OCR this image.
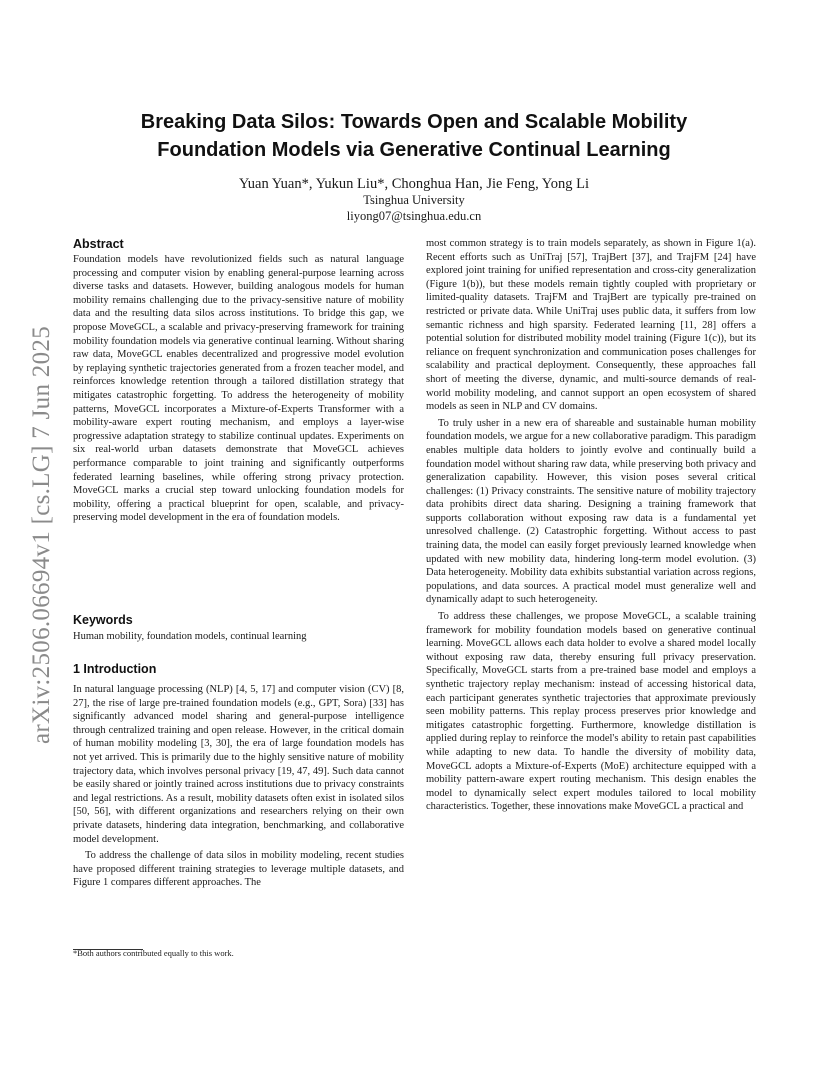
arXiv:2506.06694v1 [cs.LG] 7 Jun 2025
Breaking Data Silos: Towards Open and Scalable Mobility
Foundation Models via Generative Continual Learning
Yuan Yuan*, Yukun Liu*, Chonghua Han, Jie Feng, Yong Li
Tsinghua University
liyong07@tsinghua.edu.cn
Abstract

Foundation models have revolutionized fields such as natural language processing and computer vision by enabling general-purpose learning across diverse tasks and datasets. However, building analogous models for human mobility remains challenging due to the privacy-sensitive nature of mobility data and the resulting data silos across institutions. To bridge this gap, we propose MoveGCL, a scalable and privacy-preserving framework for training mobility foundation models via generative continual learning. Without sharing raw data, MoveGCL enables decentralized and progressive model evolution by replaying synthetic trajectories generated from a frozen teacher model, and reinforces knowledge retention through a tailored distillation strategy that mitigates catastrophic forgetting. To address the heterogeneity of mobility patterns, MoveGCL incorporates a Mixture-of-Experts Transformer with a mobility-aware expert routing mechanism, and employs a layer-wise progressive adaptation strategy to stabilize continual updates. Experiments on six real-world urban datasets demonstrate that MoveGCL achieves performance comparable to joint training and significantly outperforms federated learning baselines, while offering strong privacy protection. MoveGCL marks a crucial step toward unlocking foundation models for mobility, offering a practical blueprint for open, scalable, and privacy-preserving model development in the era of foundation models.

Keywords

Human mobility, foundation models, continual learning

1 Introduction

In natural language processing (NLP) [4, 5, 17] and computer vision (CV) [8, 27], the rise of large pre-trained foundation models (e.g., GPT, Sora) [33] has significantly advanced model sharing and general-purpose intelligence through centralized training and open release. However, in the critical domain of human mobility modeling [3, 30], the era of large foundation models has not yet arrived. This is primarily due to the highly sensitive nature of mobility trajectory data, which involves personal privacy [19, 47, 49]. Such data cannot be easily shared or jointly trained across institutions due to privacy constraints and legal restrictions. As a result, mobility datasets often exist in isolated silos [50, 56], with different organizations and researchers relying on their own private datasets, hindering data integration, benchmarking, and collaborative model development.

To address the challenge of data silos in mobility modeling, recent studies have proposed different training strategies to leverage multiple datasets, and Figure 1 compares different approaches. The

*Both authors contributed equally to this work.

most common strategy is to train models separately, as shown in Figure 1(a). Recent efforts such as UniTraj [57], TrajBert [37], and TrajFM [24] have explored joint training for unified representation and cross-city generalization (Figure 1(b)), but these models remain tightly coupled with proprietary or limited-quality datasets. TrajFM and TrajBert are typically pre-trained on restricted or private data. While UniTraj uses public data, it suffers from low semantic richness and high sparsity. Federated learning [11, 28] offers a potential solution for distributed mobility model training (Figure 1(c)), but its reliance on frequent synchronization and communication poses challenges for scalability and practical deployment. Consequently, these approaches fall short of meeting the diverse, dynamic, and multi-source demands of real-world mobility modeling, and cannot support an open ecosystem of shared models as seen in NLP and CV domains.

To truly usher in a new era of shareable and sustainable human mobility foundation models, we argue for a new collaborative paradigm. This paradigm enables multiple data holders to jointly evolve and continually build a foundation model without sharing raw data, while preserving both privacy and generalization capability. However, this vision poses several critical challenges: (1) Privacy constraints. The sensitive nature of mobility trajectory data prohibits direct data sharing. Designing a training framework that supports collaboration without exposing raw data is a fundamental yet unresolved challenge. (2) Catastrophic forgetting. Without access to past training data, the model can easily forget previously learned knowledge when updated with new mobility data, hindering long-term model evolution. (3) Data heterogeneity. Mobility data exhibits substantial variation across regions, populations, and data sources. A practical model must generalize well and dynamically adapt to such heterogeneity.

To address these challenges, we propose MoveGCL, a scalable training framework for mobility foundation models based on generative continual learning. MoveGCL allows each data holder to evolve a shared model locally without exposing raw data, thereby ensuring full privacy preservation. Specifically, MoveGCL starts from a pre-trained base model and employs a synthetic trajectory replay mechanism: instead of accessing historical data, each participant generates synthetic trajectories that approximate previously seen mobility patterns. This replay process preserves prior knowledge and mitigates catastrophic forgetting. Furthermore, knowledge distillation is applied during replay to reinforce the model's ability to retain past capabilities while adapting to new data. To handle the diversity of mobility data, MoveGCL adopts a Mixture-of-Experts (MoE) architecture equipped with a mobility pattern-aware expert routing mechanism. This design enables the model to dynamically select expert modules tailored to local mobility characteristics. Together, these innovations make MoveGCL a practical and
